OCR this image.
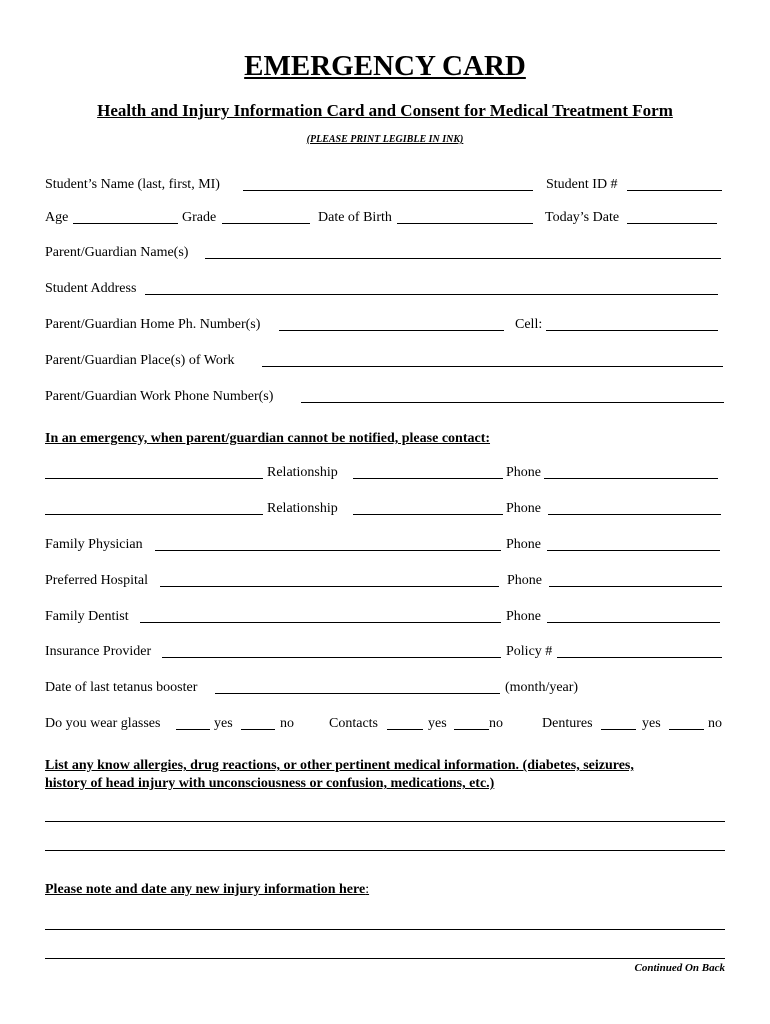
EMERGENCY CARD
Health and Injury Information Card and Consent for Medical Treatment Form
(PLEASE PRINT LEGIBLE IN INK)
Student’s Name (last, first, MI)	Student ID #
Age	Grade	Date of Birth	Today’s Date
Parent/Guardian Name(s)
Student Address
Parent/Guardian Home Ph. Number(s)	Cell:
Parent/Guardian Place(s) of Work
Parent/Guardian Work Phone Number(s)
In an emergency, when parent/guardian cannot be notified, please contact:
Relationship	Phone
Relationship	Phone
Family Physician	Phone
Preferred Hospital	Phone
Family Dentist	Phone
Insurance Provider	Policy #
Date of last tetanus booster	(month/year)
Do you wear glasses	yes	no	Contacts	yes	no	Dentures	yes	no
List any know allergies, drug reactions, or other pertinent medical information. (diabetes, seizures,
history of head injury with unconsciousness or confusion, medications, etc.)
Please note and date any new injury information here:
Continued On Back
